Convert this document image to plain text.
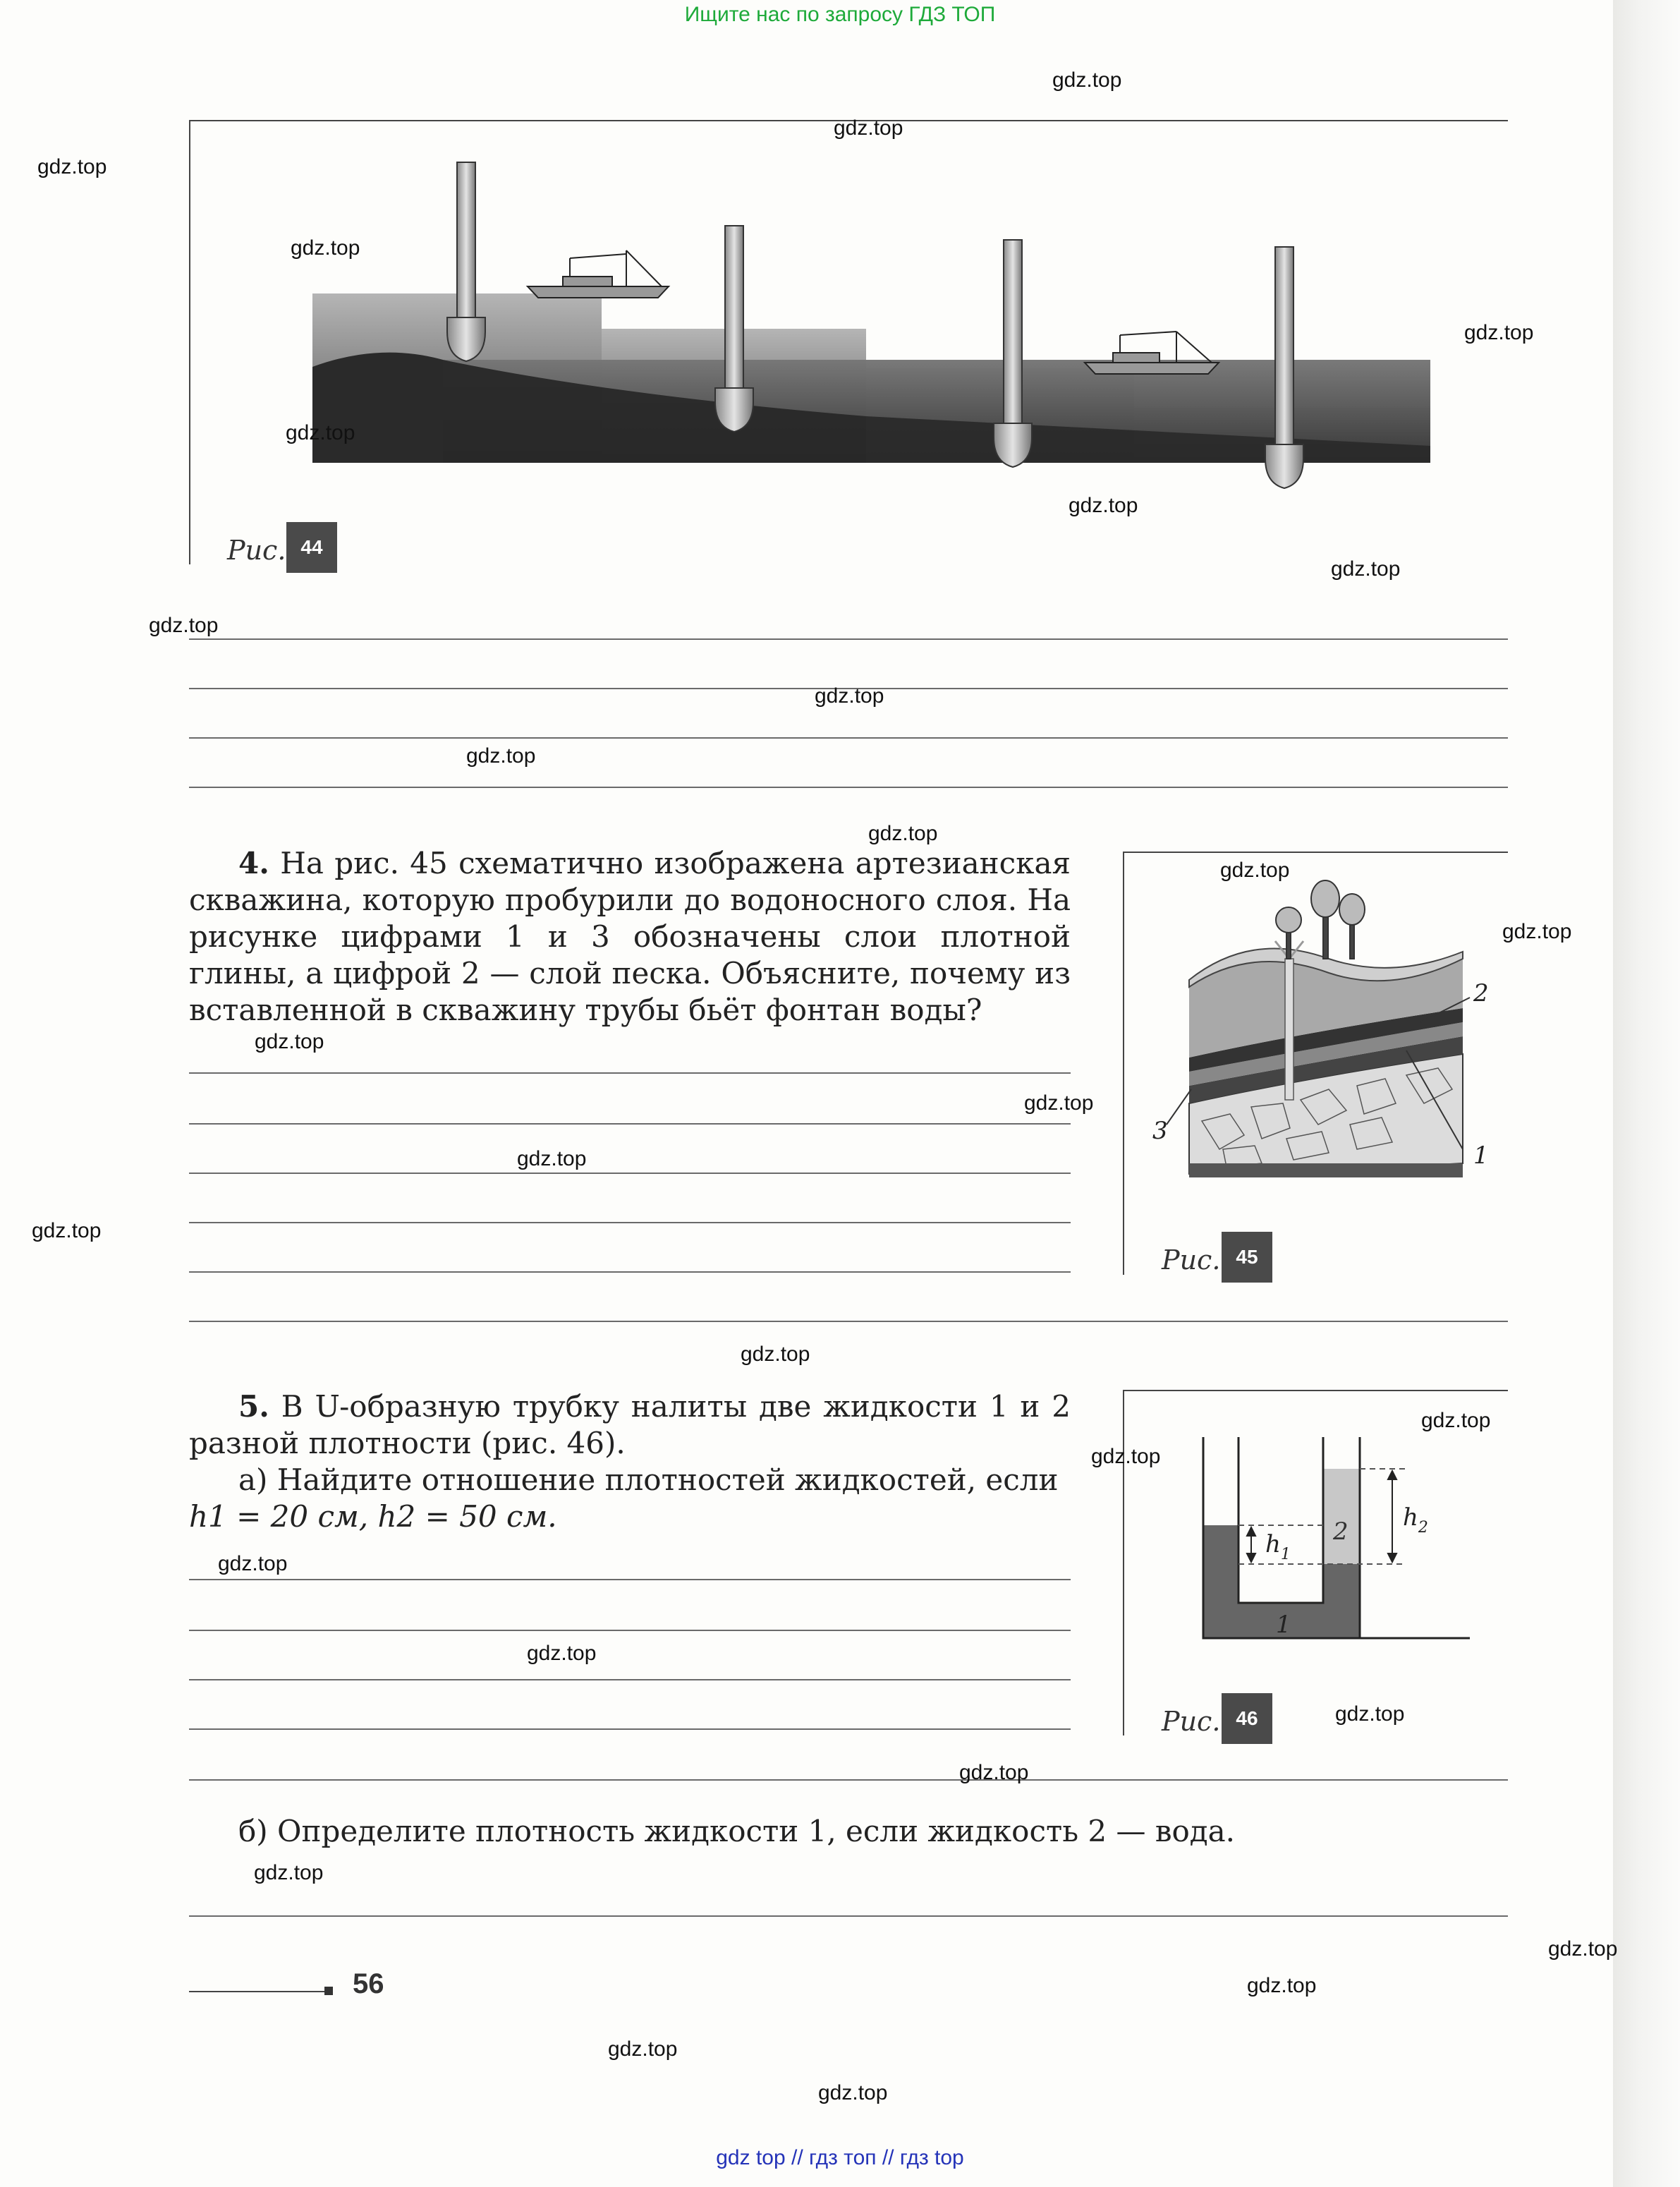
Ищите нас по запросу ГДЗ ТОП
Рис. 44
4. На рис. 45 схематично изображена артезианская скважина, которую пробурили до водоносного слоя. На рисунке цифрами 1 и 3 обозначены слои плотной глины, а цифрой 2 — слой песка. Объясните, почему из вставленной в скважину трубы бьёт фонтан воды?	2
3
1
Рис. 45
5. В U-образную трубку налиты две жидкости 1 и 2 разной плотности (рис. 46).
а) Найдите отношение плотностей жидкостей, если
h1 = 20 см, h2 = 50 см.
$h_1$
$h_2$
2
1
Рис. 46
б) Определите плотность жидкости 1, если жидкость 2 — вода.
56
gdz.top
gdz.top
gdz.top
gdz.top
gdz.top
gdz.top
gdz.top
gdz.top
gdz.top
gdz.top
gdz.top
gdz.top
gdz.top
gdz.top
gdz.top
gdz.top
gdz.top
gdz.top
gdz.top
gdz.top
gdz.top
gdz.top
gdz.top
gdz.top
gdz.top
gdz.top
gdz.top
gdz.top
gdz.top
gdz.top
gdz top // гдз топ // гдз top
